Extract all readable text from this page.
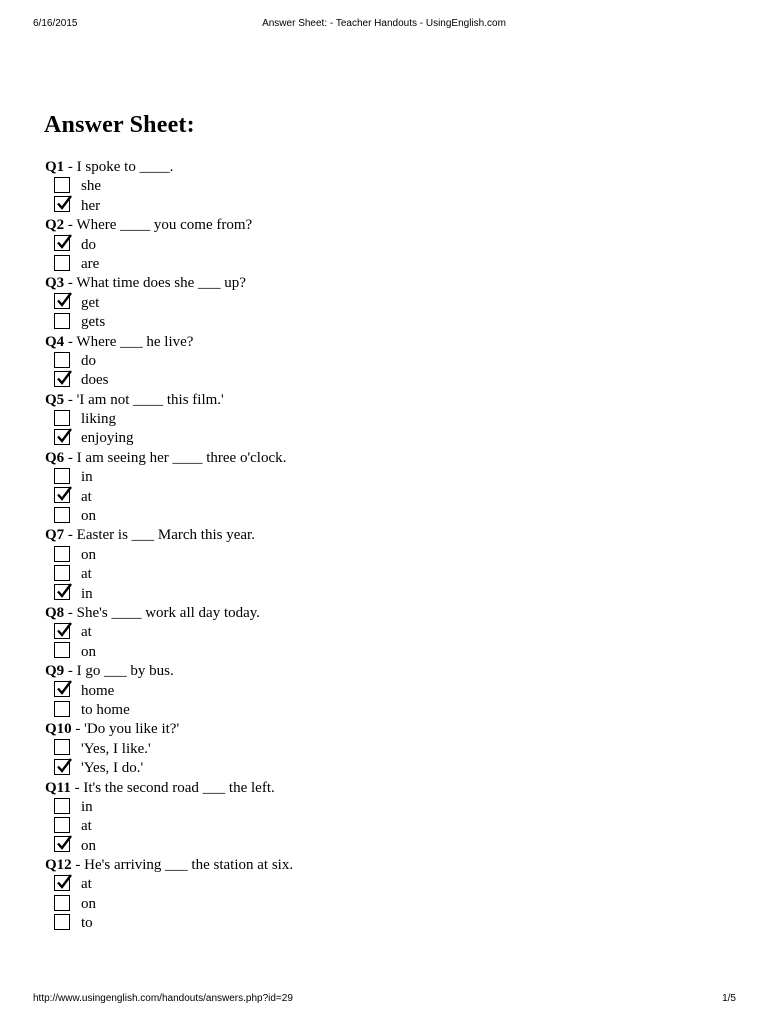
6/16/2015	Answer Sheet: - Teacher Handouts - UsingEnglish.com
Answer Sheet:
Q1 - I spoke to ____.
she
her
Q2 - Where ____ you come from?
do
are
Q3 - What time does she ___ up?
get
gets
Q4 - Where ___ he live?
do
does
Q5 - 'I am not ____ this film.'
liking
enjoying
Q6 - I am seeing her ____ three o'clock.
in
at
on
Q7 - Easter is ___ March this year.
on
at
in
Q8 - She's ____ work all day today.
at
on
Q9 - I go ___ by bus.
home
to home
Q10 - 'Do you like it?'
'Yes, I like.'
'Yes, I do.'
Q11 - It's the second road ___ the left.
in
at
on
Q12 - He's arriving ___ the station at six.
at
on
to
http://www.usingenglish.com/handouts/answers.php?id=29	1/5
